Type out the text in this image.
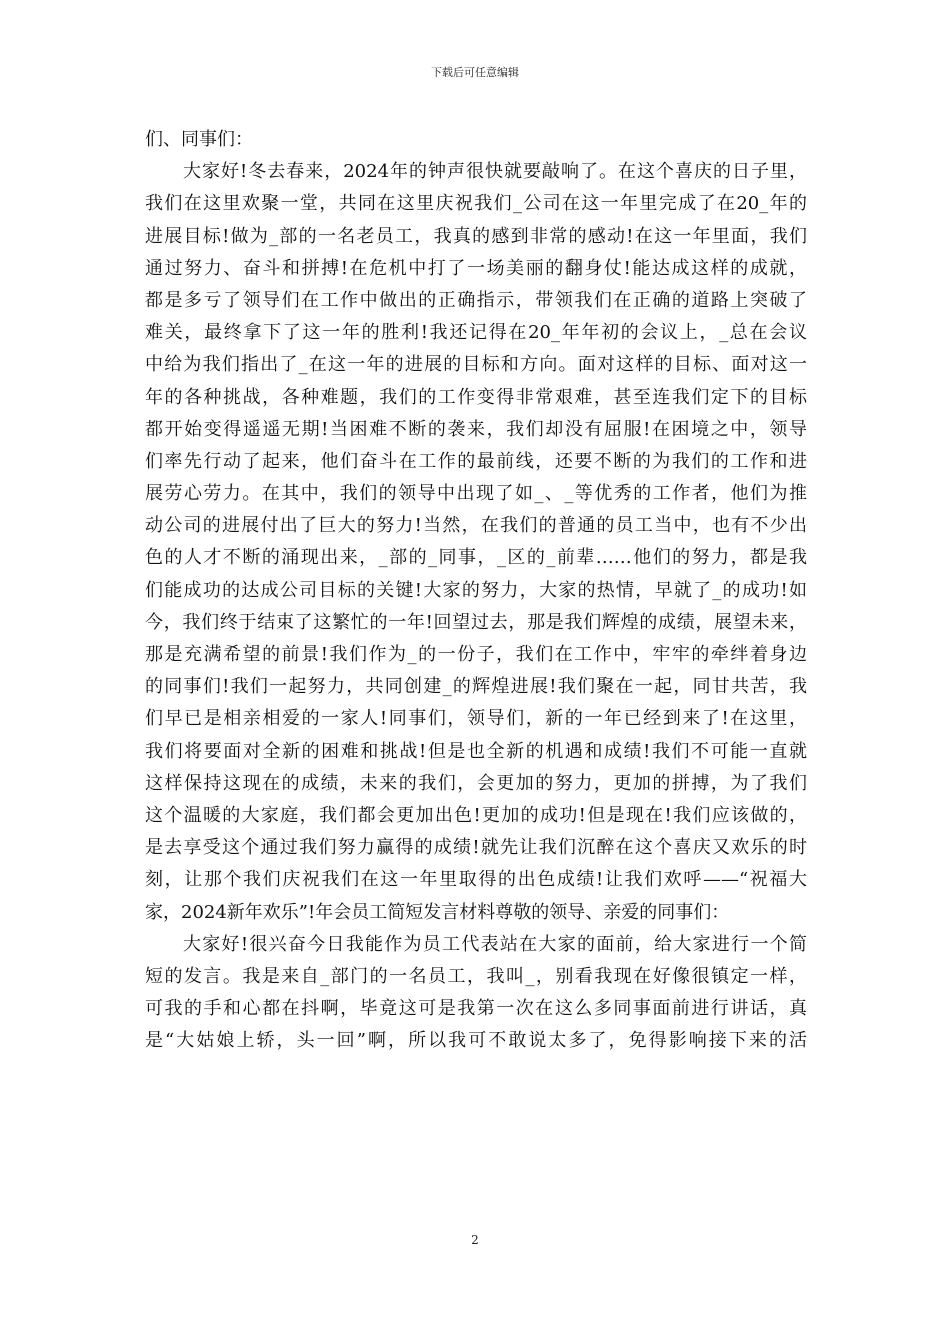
下载后可任意编辑
们、同事们：
大家好!冬去春来，2024年的钟声很快就要敲响了。在这个喜庆的日子里，
我们在这里欢聚一堂，共同在这里庆祝我们_公司在这一年里完成了在20_年的
进展目标!做为_部的一名老员工，我真的感到非常的感动!在这一年里面，我们
通过努力、奋斗和拼搏!在危机中打了一场美丽的翻身仗!能达成这样的成就，
都是多亏了领导们在工作中做出的正确指示，带领我们在正确的道路上突破了
难关，最终拿下了这一年的胜利!我还记得在20_年年初的会议上，_总在会议
中给为我们指出了_在这一年的进展的目标和方向。面对这样的目标、面对这一
年的各种挑战，各种难题，我们的工作变得非常艰难，甚至连我们定下的目标
都开始变得遥遥无期!当困难不断的袭来，我们却没有屈服!在困境之中，领导
们率先行动了起来，他们奋斗在工作的最前线，还要不断的为我们的工作和进
展劳心劳力。在其中，我们的领导中出现了如_、_等优秀的工作者，他们为推
动公司的进展付出了巨大的努力!当然，在我们的普通的员工当中，也有不少出
色的人才不断的涌现出来，_部的_同事，_区的_前辈……他们的努力，都是我
们能成功的达成公司目标的关键!大家的努力，大家的热情，早就了_的成功!如
今，我们终于结束了这繁忙的一年!回望过去，那是我们辉煌的成绩，展望未来，
那是充满希望的前景!我们作为_的一份子，我们在工作中，牢牢的牵绊着身边
的同事们!我们一起努力，共同创建_的辉煌进展!我们聚在一起，同甘共苦，我
们早已是相亲相爱的一家人!同事们，领导们，新的一年已经到来了!在这里，
我们将要面对全新的困难和挑战!但是也全新的机遇和成绩!我们不可能一直就
这样保持这现在的成绩，未来的我们，会更加的努力，更加的拼搏，为了我们
这个温暖的大家庭，我们都会更加出色!更加的成功!但是现在!我们应该做的，
是去享受这个通过我们努力赢得的成绩!就先让我们沉醉在这个喜庆又欢乐的时
刻，让那个我们庆祝我们在这一年里取得的出色成绩!让我们欢呼——“祝福大
家，2024新年欢乐”!年会员工简短发言材料尊敬的领导、亲爱的同事们：
大家好!很兴奋今日我能作为员工代表站在大家的面前，给大家进行一个简
短的发言。我是来自_部门的一名员工，我叫_，别看我现在好像很镇定一样，
可我的手和心都在抖啊，毕竟这可是我第一次在这么多同事面前进行讲话，真
是“大姑娘上轿，头一回”啊，所以我可不敢说太多了，免得影响接下来的活
2
